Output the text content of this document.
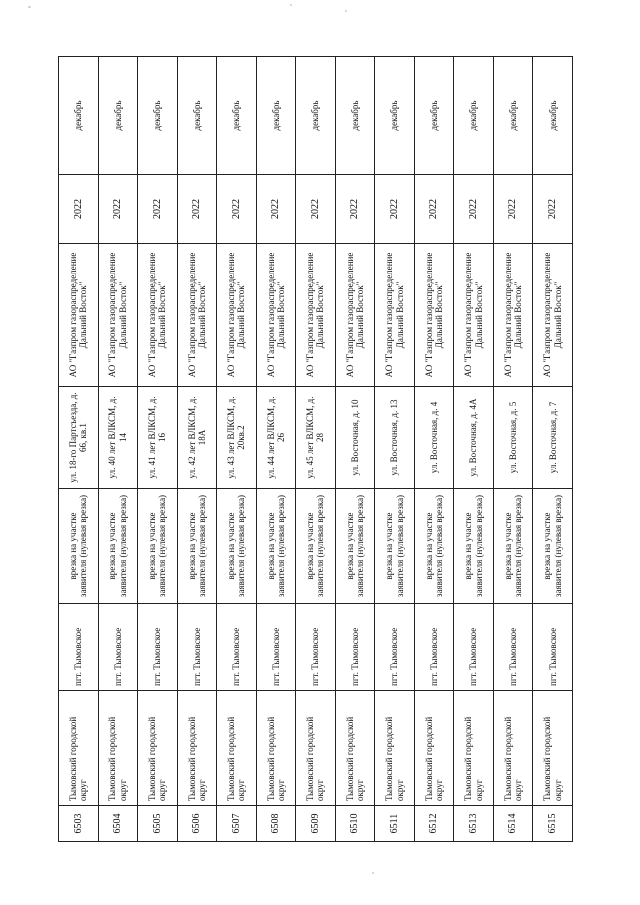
6503	Тымовский городской округ	пгт. Тымовское	врезка на участке заявителя (нулевая врезка)	ул. 18-го Партсъезда, д. 66, кв.1	АО "Газпром газораспределение Дальний Восток"	2022	декабрь
6504	Тымовский городской округ	пгт. Тымовское	врезка на участке заявителя (нулевая врезка)	ул. 40 лет ВЛКСМ, д. 14	АО "Газпром газораспределение Дальний Восток"	2022	декабрь
6505	Тымовский городской округ	пгт. Тымовское	врезка на участке заявителя (нулевая врезка)	ул. 41 лет ВЛКСМ, д. 16	АО "Газпром газораспределение Дальний Восток"	2022	декабрь
6506	Тымовский городской округ	пгт. Тымовское	врезка на участке заявителя (нулевая врезка)	ул. 42 лет ВЛКСМ, д. 18А	АО "Газпром газораспределение Дальний Восток"	2022	декабрь
6507	Тымовский городской округ	пгт. Тымовское	врезка на участке заявителя (нулевая врезка)	ул. 43 лет ВЛКСМ, д. 20кв.2	АО "Газпром газораспределение Дальний Восток"	2022	декабрь
6508	Тымовский городской округ	пгт. Тымовское	врезка на участке заявителя (нулевая врезка)	ул. 44 лет ВЛКСМ, д. 26	АО "Газпром газораспределение Дальний Восток"	2022	декабрь
6509	Тымовский городской округ	пгт. Тымовское	врезка на участке заявителя (нулевая врезка)	ул. 45 лет ВЛКСМ, д. 28	АО "Газпром газораспределение Дальний Восток"	2022	декабрь
6510	Тымовский городской округ	пгт. Тымовское	врезка на участке заявителя (нулевая врезка)	ул. Восточная, д. 10	АО "Газпром газораспределение Дальний Восток"	2022	декабрь
6511	Тымовский городской округ	пгт. Тымовское	врезка на участке заявителя (нулевая врезка)	ул. Восточная, д. 13	АО "Газпром газораспределение Дальний Восток"	2022	декабрь
6512	Тымовский городской округ	пгт. Тымовское	врезка на участке заявителя (нулевая врезка)	ул. Восточная, д. 4	АО "Газпром газораспределение Дальний Восток"	2022	декабрь
6513	Тымовский городской округ	пгт. Тымовское	врезка на участке заявителя (нулевая врезка)	ул. Восточная, д. 4А	АО "Газпром газораспределение Дальний Восток"	2022	декабрь
6514	Тымовский городской округ	пгт. Тымовское	врезка на участке заявителя (нулевая врезка)	ул. Восточная, д. 5	АО "Газпром газораспределение Дальний Восток"	2022	декабрь
6515	Тымовский городской округ	пгт. Тымовское	врезка на участке заявителя (нулевая врезка)	ул. Восточная, д. 7	АО "Газпром газораспределение Дальний Восток"	2022	декабрь
